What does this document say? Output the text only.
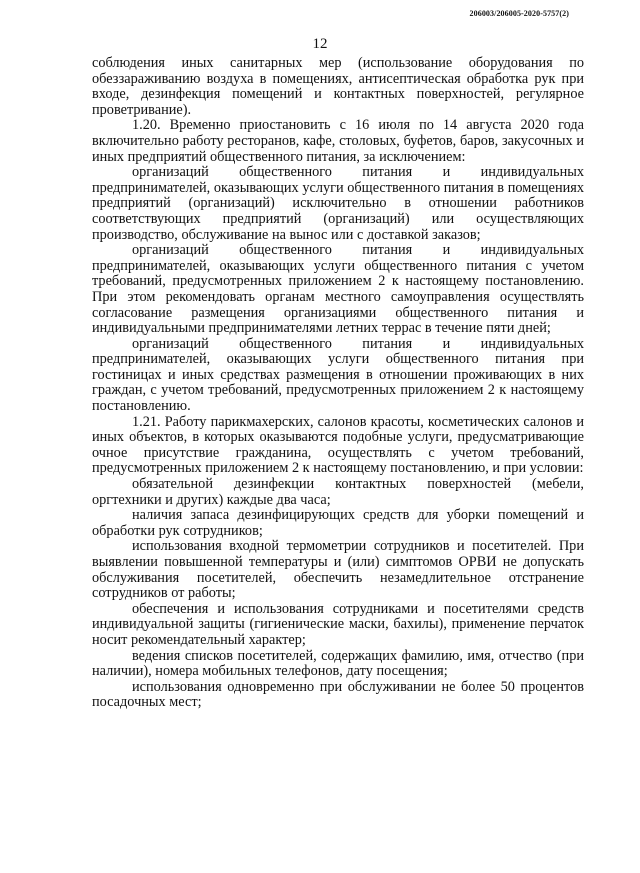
206003/206005-2020-5757(2)
12

соблюдения иных санитарных мер (использование оборудования по обеззараживанию воздуха в помещениях, антисептическая обработка рук при входе, дезинфекция помещений и контактных поверхностей, регулярное проветривание).

1.20. Временно приостановить с 16 июля по 14 августа 2020 года включительно работу ресторанов, кафе, столовых, буфетов, баров, закусочных и иных предприятий общественного питания, за исключением:

организаций общественного питания и индивидуальных предпринимателей, оказывающих услуги общественного питания в помещениях предприятий (организаций) исключительно в отношении работников соответствующих предприятий (организаций) или осуществляющих производство, обслуживание на вынос или с доставкой заказов;

организаций общественного питания и индивидуальных предпринимателей, оказывающих услуги общественного питания с учетом требований, предусмотренных приложением 2 к настоящему постановлению. При этом рекомендовать органам местного самоуправления осуществлять согласование размещения организациями общественного питания и индивидуальными предпринимателями летних террас в течение пяти дней;

организаций общественного питания и индивидуальных предпринимателей, оказывающих услуги общественного питания при гостиницах и иных средствах размещения в отношении проживающих в них граждан, с учетом требований, предусмотренных приложением 2 к настоящему постановлению.

1.21. Работу парикмахерских, салонов красоты, косметических салонов и иных объектов, в которых оказываются подобные услуги, предусматривающие очное присутствие гражданина, осуществлять с учетом требований, предусмотренных приложением 2 к настоящему постановлению, и при условии:

обязательной дезинфекции контактных поверхностей (мебели, оргтехники и других) каждые два часа;

наличия запаса дезинфицирующих средств для уборки помещений и обработки рук сотрудников;

использования входной термометрии сотрудников и посетителей. При выявлении повышенной температуры и (или) симптомов ОРВИ не допускать обслуживания посетителей, обеспечить незамедлительное отстранение сотрудников от работы;

обеспечения и использования сотрудниками и посетителями средств индивидуальной защиты (гигиенические маски, бахилы), применение перчаток носит рекомендательный характер;

ведения списков посетителей, содержащих фамилию, имя, отчество (при наличии), номера мобильных телефонов, дату посещения;

использования одновременно при обслуживании не более 50 процентов посадочных мест;
